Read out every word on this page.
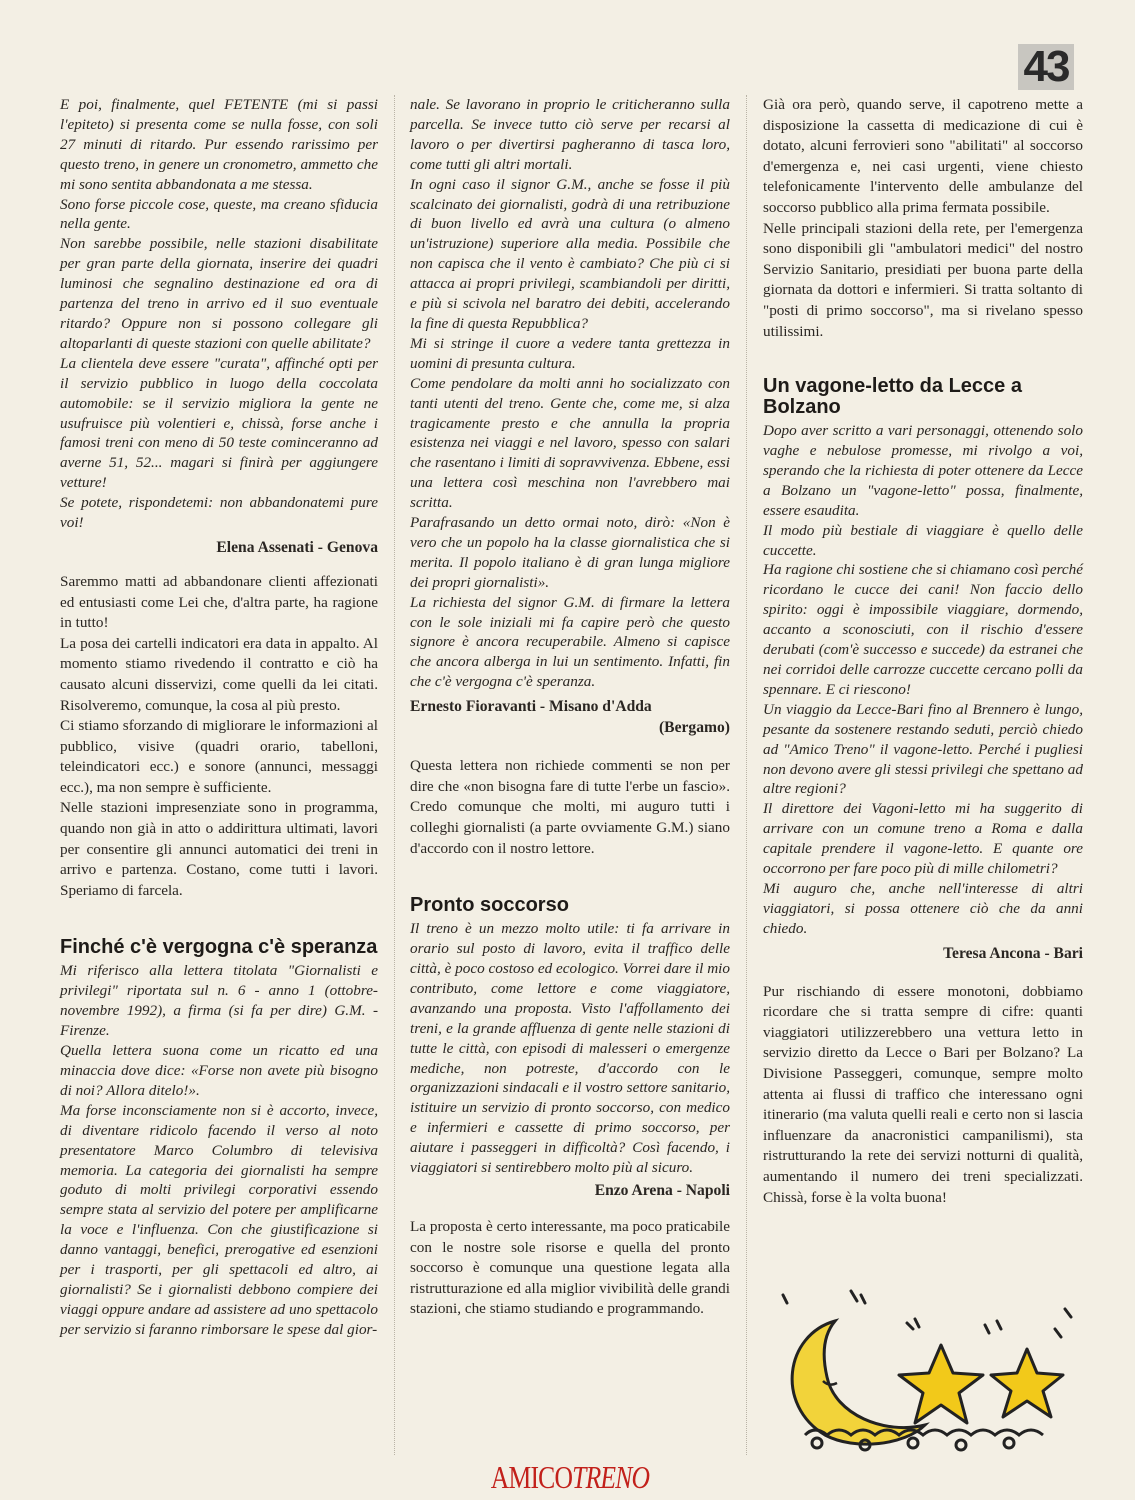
43

E poi, finalmente, quel FETENTE (mi si passi l'epiteto) si presenta come se nulla fosse, con soli 27 minuti di ritardo. Pur essendo rarissimo per questo treno, in genere un cronometro, ammetto che mi sono sentita abbandonata a me stessa.

Sono forse piccole cose, queste, ma creano sfiducia nella gente.

Non sarebbe possibile, nelle stazioni disabilitate per gran parte della giornata, inserire dei quadri luminosi che segnalino destinazione ed ora di partenza del treno in arrivo ed il suo eventuale ritardo? Oppure non si possono collegare gli altoparlanti di queste stazioni con quelle abilitate?

La clientela deve essere "curata", affinché opti per il servizio pubblico in luogo della coccolata automobile: se il servizio migliora la gente ne usufruisce più volentieri e, chissà, forse anche i famosi treni con meno di 50 teste cominceranno ad averne 51, 52... magari si finirà per aggiungere vetture!

Se potete, rispondetemi: non abbandonatemi pure voi!

Elena Assenati - Genova

Saremmo matti ad abbandonare clienti affezionati ed entusiasti come Lei che, d'altra parte, ha ragione in tutto!

La posa dei cartelli indicatori era data in appalto. Al momento stiamo rivedendo il contratto e ciò ha causato alcuni disservizi, come quelli da lei citati. Risolveremo, comunque, la cosa al più presto.

Ci stiamo sforzando di migliorare le informazioni al pubblico, visive (quadri orario, tabelloni, teleindicatori ecc.) e sonore (annunci, messaggi ecc.), ma non sempre è sufficiente.

Nelle stazioni impresenziate sono in programma, quando non già in atto o addirittura ultimati, lavori per consentire gli annunci automatici dei treni in arrivo e partenza. Costano, come tutti i lavori. Speriamo di farcela.

Finché c'è vergogna c'è speranza

Mi riferisco alla lettera titolata "Giornalisti e privilegi" riportata sul n. 6 - anno 1 (ottobre-novembre 1992), a firma (si fa per dire) G.M. - Firenze.

Quella lettera suona come un ricatto ed una minaccia dove dice: «Forse non avete più bisogno di noi? Allora ditelo!».

Ma forse inconsciamente non si è accorto, invece, di diventare ridicolo facendo il verso al noto presentatore Marco Columbro di televisiva memoria. La categoria dei giornalisti ha sempre goduto di molti privilegi corporativi essendo sempre stata al servizio del potere per amplificarne la voce e l'influenza. Con che giustificazione si danno vantaggi, benefici, prerogative ed esenzioni per i trasporti, per gli spettacoli ed altro, ai giornalisti? Se i giornalisti debbono compiere dei viaggi oppure andare ad assistere ad uno spettacolo per servizio si faranno rimborsare le spese dal gior-

nale. Se lavorano in proprio le criticheranno sulla parcella. Se invece tutto ciò serve per recarsi al lavoro o per divertirsi pagheranno di tasca loro, come tutti gli altri mortali.

In ogni caso il signor G.M., anche se fosse il più scalcinato dei giornalisti, godrà di una retribuzione di buon livello ed avrà una cultura (o almeno un'istruzione) superiore alla media. Possibile che non capisca che il vento è cambiato? Che più ci si attacca ai propri privilegi, scambiandoli per diritti, e più si scivola nel baratro dei debiti, accelerando la fine di questa Repubblica?

Mi si stringe il cuore a vedere tanta grettezza in uomini di presunta cultura.

Come pendolare da molti anni ho socializzato con tanti utenti del treno. Gente che, come me, si alza tragicamente presto e che annulla la propria esistenza nei viaggi e nel lavoro, spesso con salari che rasentano i limiti di sopravvivenza. Ebbene, essi una lettera così meschina non l'avrebbero mai scritta.

Parafrasando un detto ormai noto, dirò: «Non è vero che un popolo ha la classe giornalistica che si merita. Il popolo italiano è di gran lunga migliore dei propri giornalisti».

La richiesta del signor G.M. di firmare la lettera con le sole iniziali mi fa capire però che questo signore è ancora recuperabile. Almeno si capisce che ancora alberga in lui un sentimento. Infatti, fin che c'è vergogna c'è speranza.

Ernesto Fioravanti - Misano d'Adda

(Bergamo)

Questa lettera non richiede commenti se non per dire che «non bisogna fare di tutte l'erbe un fascio». Credo comunque che molti, mi auguro tutti i colleghi giornalisti (a parte ovviamente G.M.) siano d'accordo con il nostro lettore.

Pronto soccorso

Il treno è un mezzo molto utile: ti fa arrivare in orario sul posto di lavoro, evita il traffico delle città, è poco costoso ed ecologico. Vorrei dare il mio contributo, come lettore e come viaggiatore, avanzando una proposta. Visto l'affollamento dei treni, e la grande affluenza di gente nelle stazioni di tutte le città, con episodi di malesseri o emergenze mediche, non potreste, d'accordo con le organizzazioni sindacali e il vostro settore sanitario, istituire un servizio di pronto soccorso, con medico e infermieri e cassette di primo soccorso, per aiutare i passeggeri in difficoltà? Così facendo, i viaggiatori si sentirebbero molto più al sicuro.

Enzo Arena - Napoli

La proposta è certo interessante, ma poco praticabile con le nostre sole risorse e quella del pronto soccorso è comunque una questione legata alla ristrutturazione ed alla miglior vivibilità delle grandi stazioni, che stiamo studiando e programmando.

Già ora però, quando serve, il capotreno mette a disposizione la cassetta di medicazione di cui è dotato, alcuni ferrovieri sono "abilitati" al soccorso d'emergenza e, nei casi urgenti, viene chiesto telefonicamente l'intervento delle ambulanze del soccorso pubblico alla prima fermata possibile.

Nelle principali stazioni della rete, per l'emergenza sono disponibili gli "ambulatori medici" del nostro Servizio Sanitario, presidiati per buona parte della giornata da dottori e infermieri. Si tratta soltanto di "posti di primo soccorso", ma si rivelano spesso utilissimi.

Un vagone-letto da Lecce a Bolzano

Dopo aver scritto a vari personaggi, ottenendo solo vaghe e nebulose promesse, mi rivolgo a voi, sperando che la richiesta di poter ottenere da Lecce a Bolzano un "vagone-letto" possa, finalmente, essere esaudita.

Il modo più bestiale di viaggiare è quello delle cuccette.

Ha ragione chi sostiene che si chiamano così perché ricordano le cucce dei cani! Non faccio dello spirito: oggi è impossibile viaggiare, dormendo, accanto a sconosciuti, con il rischio d'essere derubati (com'è successo e succede) da estranei che nei corridoi delle carrozze cuccette cercano polli da spennare. E ci riescono!

Un viaggio da Lecce-Bari fino al Brennero è lungo, pesante da sostenere restando seduti, perciò chiedo ad "Amico Treno" il vagone-letto. Perché i pugliesi non devono avere gli stessi privilegi che spettano ad altre regioni?

Il direttore dei Vagoni-letto mi ha suggerito di arrivare con un comune treno a Roma e dalla capitale prendere il vagone-letto. E quante ore occorrono per fare poco più di mille chilometri?

Mi auguro che, anche nell'interesse di altri viaggiatori, si possa ottenere ciò che da anni chiedo.

Teresa Ancona - Bari

Pur rischiando di essere monotoni, dobbiamo ricordare che si tratta sempre di cifre: quanti viaggiatori utilizzerebbero una vettura letto in servizio diretto da Lecce o Bari per Bolzano? La Divisione Passeggeri, comunque, sempre molto attenta ai flussi di traffico che interessano ogni itinerario (ma valuta quelli reali e certo non si lascia influenzare da anacronistici campanilismi), sta ristrutturando la rete dei servizi notturni di qualità, aumentando il numero dei treni specializzati. Chissà, forse è la volta buona!

AMICOTRENO
